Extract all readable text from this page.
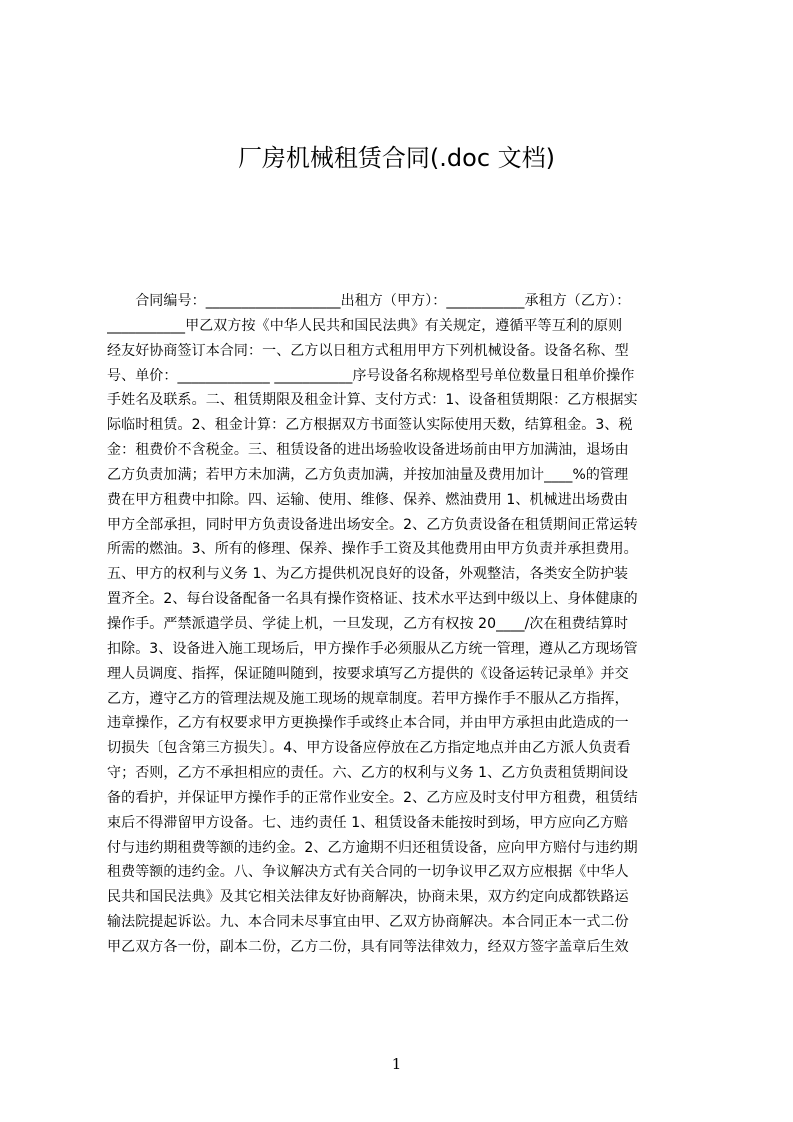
厂房机械租赁合同(.doc 文档)
　　合同编号：___________________出租方（甲方）：___________承租方（乙方）：
___________甲乙双方按《中华人民共和国民法典》有关规定，遵循平等互利的原则
经友好协商签订本合同：一、乙方以日租方式租用甲方下列机械设备。设备名称、型
号、单价：_____________ ___________序号设备名称规格型号单位数量日租单价操作
手姓名及联系。二、租赁期限及租金计算、支付方式：1、设备租赁期限：乙方根据实
际临时租赁。2、租金计算：乙方根据双方书面签认实际使用天数，结算租金。3、税
金：租费价不含税金。三、租赁设备的进出场验收设备进场前由甲方加满油，退场由
乙方负责加满；若甲方未加满，乙方负责加满，并按加油量及费用加计____%的管理
费在甲方租费中扣除。四、运输、使用、维修、保养、燃油费用 1、机械进出场费由
甲方全部承担，同时甲方负责设备进出场安全。2、乙方负责设备在租赁期间正常运转
所需的燃油。3、所有的修理、保养、操作手工资及其他费用由甲方负责并承担费用。
五、甲方的权利与义务 1、为乙方提供机况良好的设备，外观整洁，各类安全防护装
置齐全。2、每台设备配备一名具有操作资格证、技术水平达到中级以上、身体健康的
操作手。严禁派遣学员、学徒上机，一旦发现，乙方有权按 20____/次在租费结算时
扣除。3、设备进入施工现场后，甲方操作手必须服从乙方统一管理，遵从乙方现场管
理人员调度、指挥，保证随叫随到，按要求填写乙方提供的《设备运转记录单》并交
乙方，遵守乙方的管理法规及施工现场的规章制度。若甲方操作手不服从乙方指挥，
违章操作，乙方有权要求甲方更换操作手或终止本合同，并由甲方承担由此造成的一
切损失〔包含第三方损失〕。4、甲方设备应停放在乙方指定地点并由乙方派人负责看
守；否则，乙方不承担相应的责任。六、乙方的权利与义务 1、乙方负责租赁期间设
备的看护，并保证甲方操作手的正常作业安全。2、乙方应及时支付甲方租费，租赁结
束后不得滞留甲方设备。七、违约责任 1、租赁设备未能按时到场，甲方应向乙方赔
付与违约期租费等额的违约金。2、乙方逾期不归还租赁设备，应向甲方赔付与违约期
租费等额的违约金。八、争议解决方式有关合同的一切争议甲乙双方应根据《中华人
民共和国民法典》及其它相关法律友好协商解决，协商未果，双方约定向成都铁路运
输法院提起诉讼。九、本合同未尽事宜由甲、乙双方协商解决。本合同正本一式二份
甲乙双方各一份，副本二份，乙方二份，具有同等法律效力，经双方签字盖章后生效
1
